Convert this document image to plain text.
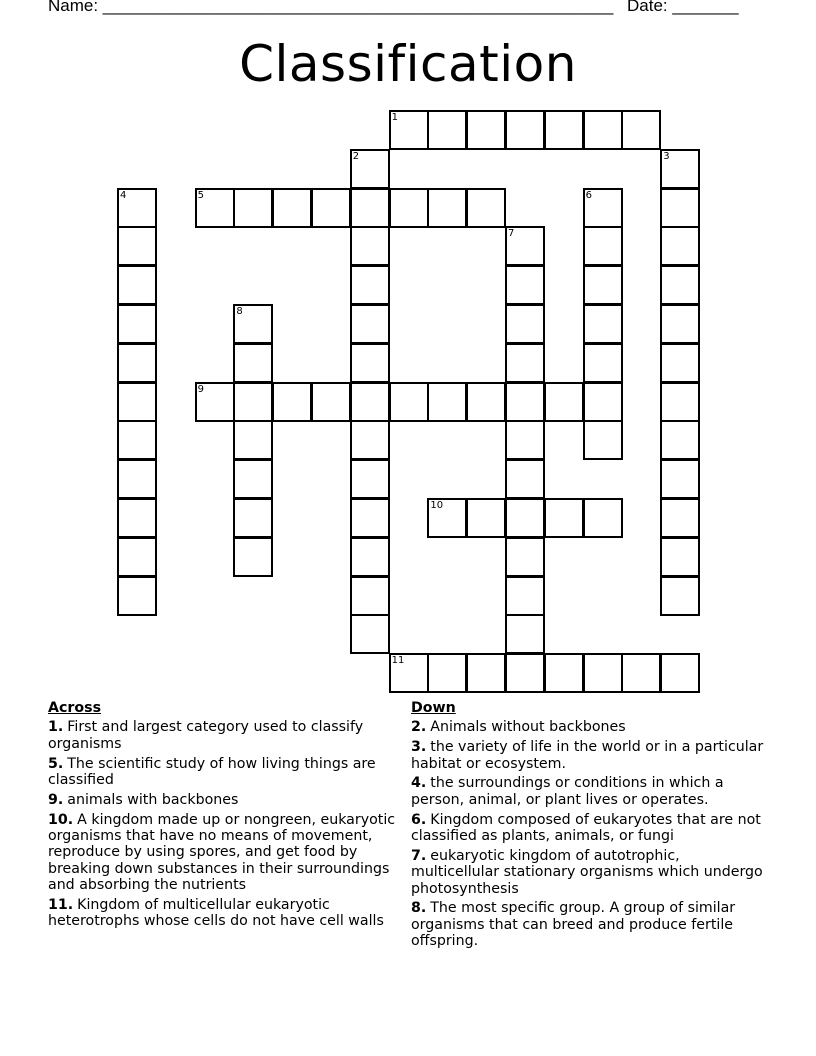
Name: ______________________________________________________ Date: _______
Classification
1
2	3
4	5	6
7
8
9
10
11
Across
1. First and largest category used to classify organisms
5. The scientific study of how living things are classified
9. animals with backbones
10. A kingdom made up or nongreen, eukaryotic organisms that have no means of movement, reproduce by using spores, and get food by breaking down substances in their surroundings and absorbing the nutrients
11. Kingdom of multicellular eukaryotic heterotrophs whose cells do not have cell walls
Down
2. Animals without backbones
3. the variety of life in the world or in a particular habitat or ecosystem.
4. the surroundings or conditions in which a person, animal, or plant lives or operates.
6. Kingdom composed of eukaryotes that are not classified as plants, animals, or fungi
7. eukaryotic kingdom of autotrophic, multicellular stationary organisms which undergo photosynthesis
8. The most specific group. A group of similar organisms that can breed and produce fertile offspring.
